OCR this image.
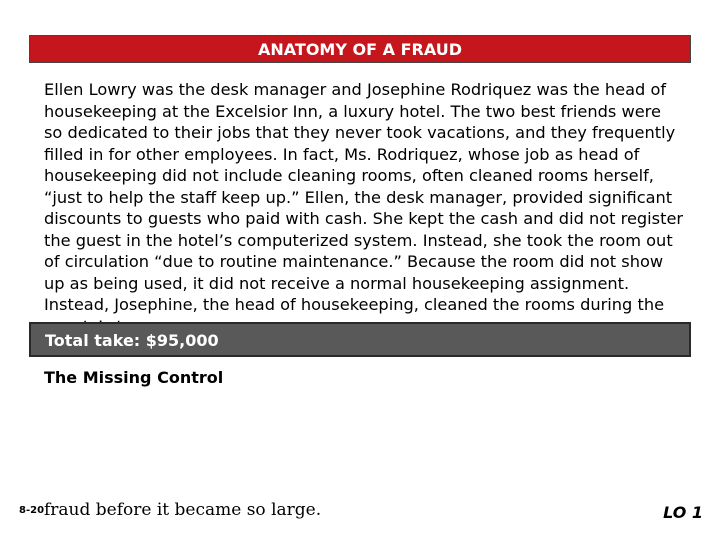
ANATOMY OF A FRAUD

Ellen Lowry was the desk manager and Josephine Rodriquez was the head of housekeeping at the Excelsior Inn, a luxury hotel. The two best friends were so dedicated to their jobs that they never took vacations, and they frequently filled in for other employees. In fact, Ms. Rodriquez, whose job as head of housekeeping did not include cleaning rooms, often cleaned rooms herself, “just to help the staff keep up.” Ellen, the desk manager, provided significant discounts to guests who paid with cash. She kept the cash and did not register the guest in the hotel’s computerized system. Instead, she took the room out of circulation “due to routine maintenance.” Because the room did not show up as being used, it did not receive a normal housekeeping assignment. Instead, Josephine, the head of housekeeping, cleaned the rooms during the

Total take: $95,000
The Missing Control
8-20 fraud before it became so large.	LO 1
